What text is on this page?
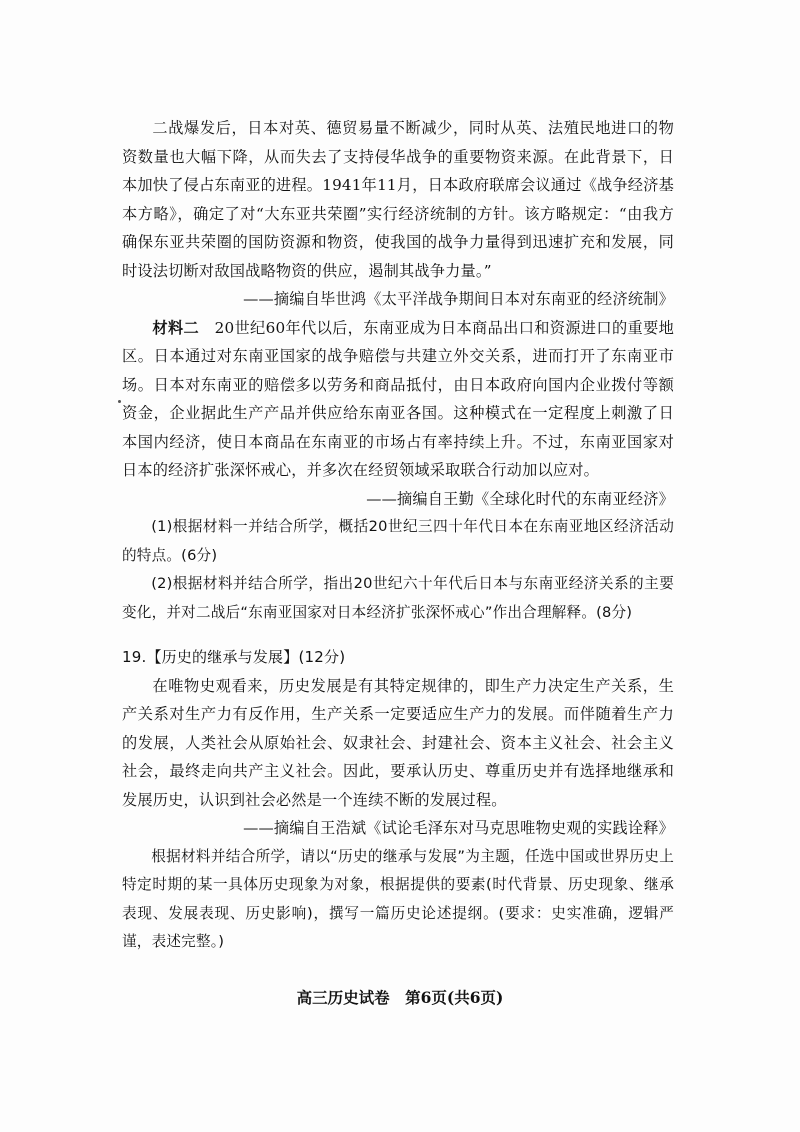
二战爆发后，日本对英、德贸易量不断减少，同时从英、法殖民地进口的物资数量也大幅下降，从而失去了支持侵华战争的重要物资来源。在此背景下，日本加快了侵占东南亚的进程。1941年11月，日本政府联席会议通过《战争经济基本方略》，确定了对“大东亚共荣圈”实行经济统制的方针。该方略规定：“由我方确保东亚共荣圈的国防资源和物资，使我国的战争力量得到迅速扩充和发展，同时设法切断对敌国战略物资的供应，遏制其战争力量。”

——摘编自毕世鸿《太平洋战争期间日本对东南亚的经济统制》

材料二　 20世纪60年代以后，东南亚成为日本商品出口和资源进口的重要地区。日本通过对东南亚国家的战争赔偿与共建立外交关系，进而打开了东南亚市场。日本对东南亚的赔偿多以劳务和商品抵付，由日本政府向国内企业拨付等额资金，企业据此生产产品并供应给东南亚各国。这种模式在一定程度上刺激了日本国内经济，使日本商品在东南亚的市场占有率持续上升。不过，东南亚国家对日本的经济扩张深怀戒心，并多次在经贸领域采取联合行动加以应对。

——摘编自王勤《全球化时代的东南亚经济》

(1)根据材料一并结合所学，概括20世纪三四十年代日本在东南亚地区经济活动的特点。(6分)

(2)根据材料并结合所学，指出20世纪六十年代后日本与东南亚经济关系的主要变化，并对二战后“东南亚国家对日本经济扩张深怀戒心”作出合理解释。(8分)

19.【历史的继承与发展】(12分)

在唯物史观看来，历史发展是有其特定规律的，即生产力决定生产关系，生产关系对生产力有反作用，生产关系一定要适应生产力的发展。而伴随着生产力的发展，人类社会从原始社会、奴隶社会、封建社会、资本主义社会、社会主义社会，最终走向共产主义社会。因此，要承认历史、尊重历史并有选择地继承和发展历史，认识到社会必然是一个连续不断的发展过程。

——摘编自王浩斌《试论毛泽东对马克思唯物史观的实践诠释》

根据材料并结合所学，请以“历史的继承与发展”为主题，任选中国或世界历史上特定时期的某一具体历史现象为对象，根据提供的要素(时代背景、历史现象、继承表现、发展表现、历史影响)，撰写一篇历史论述提纲。(要求：史实准确，逻辑严谨，表述完整。)

高三历史试卷　第6页(共6页)
